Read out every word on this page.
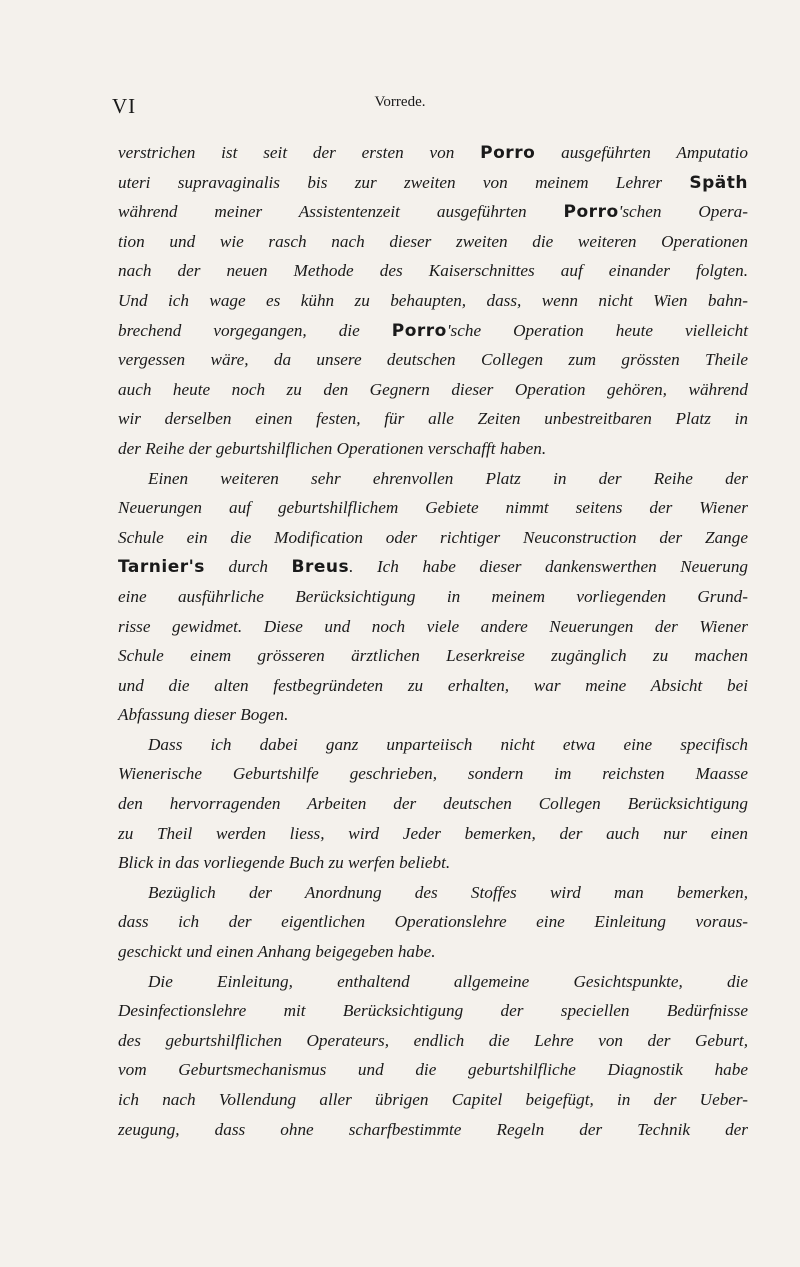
VI	Vorrede.
verstrichen ist seit der ersten von Porro ausgeführten Amputatio
uteri supravaginalis bis zur zweiten von meinem Lehrer Späth
während meiner Assistentenzeit ausgeführten Porro'schen Opera-
tion und wie rasch nach dieser zweiten die weiteren Operationen
nach der neuen Methode des Kaiserschnittes auf einander folgten.
Und ich wage es kühn zu behaupten, dass, wenn nicht Wien bahn-
brechend vorgegangen, die Porro'sche Operation heute vielleicht
vergessen wäre, da unsere deutschen Collegen zum grössten Theile
auch heute noch zu den Gegnern dieser Operation gehören, während
wir derselben einen festen, für alle Zeiten unbestreitbaren Platz in
der Reihe der geburtshilflichen Operationen verschafft haben.
Einen weiteren sehr ehrenvollen Platz in der Reihe der
Neuerungen auf geburtshilflichem Gebiete nimmt seitens der Wiener
Schule ein die Modification oder richtiger Neuconstruction der Zange
Tarnier's durch Breus. Ich habe dieser dankenswerthen Neuerung
eine ausführliche Berücksichtigung in meinem vorliegenden Grund-
risse gewidmet. Diese und noch viele andere Neuerungen der Wiener
Schule einem grösseren ärztlichen Leserkreise zugänglich zu machen
und die alten festbegründeten zu erhalten, war meine Absicht bei
Abfassung dieser Bogen.
Dass ich dabei ganz unparteiisch nicht etwa eine specifisch
Wienerische Geburtshilfe geschrieben, sondern im reichsten Maasse
den hervorragenden Arbeiten der deutschen Collegen Berücksichtigung
zu Theil werden liess, wird Jeder bemerken, der auch nur einen
Blick in das vorliegende Buch zu werfen beliebt.
Bezüglich der Anordnung des Stoffes wird man bemerken,
dass ich der eigentlichen Operationslehre eine Einleitung voraus-
geschickt und einen Anhang beigegeben habe.
Die Einleitung, enthaltend allgemeine Gesichtspunkte, die
Desinfectionslehre mit Berücksichtigung der speciellen Bedürfnisse
des geburtshilflichen Operateurs, endlich die Lehre von der Geburt,
vom Geburtsmechanismus und die geburtshilfliche Diagnostik habe
ich nach Vollendung aller übrigen Capitel beigefügt, in der Ueber-
zeugung, dass ohne scharfbestimmte Regeln der Technik der
